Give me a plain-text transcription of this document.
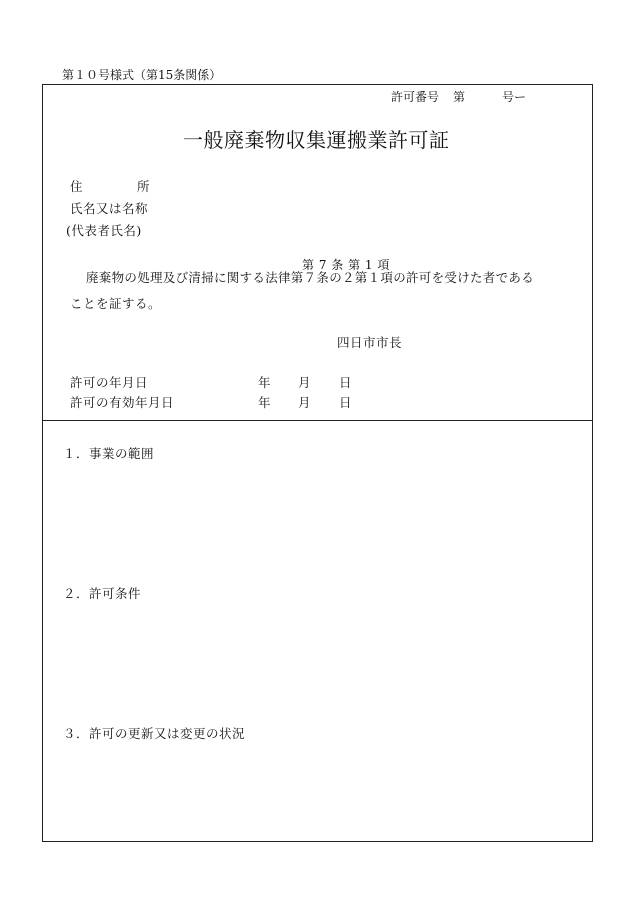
第１０号様式（第15条関係）
許可番号 第	号ー
一般廃棄物収集運搬業許可証
住	所
氏名又は名称
(代表者氏名)
第 7 条 第 1 項
廃棄物の処理及び清掃に関する法律第７条の２第１項の許可を受けた者である
ことを証する。
四日市市長
許可の年月日	年 月 日
許可の有効年月日	年 月 日
１．事業の範囲
２．許可条件
３．許可の更新又は変更の状況
